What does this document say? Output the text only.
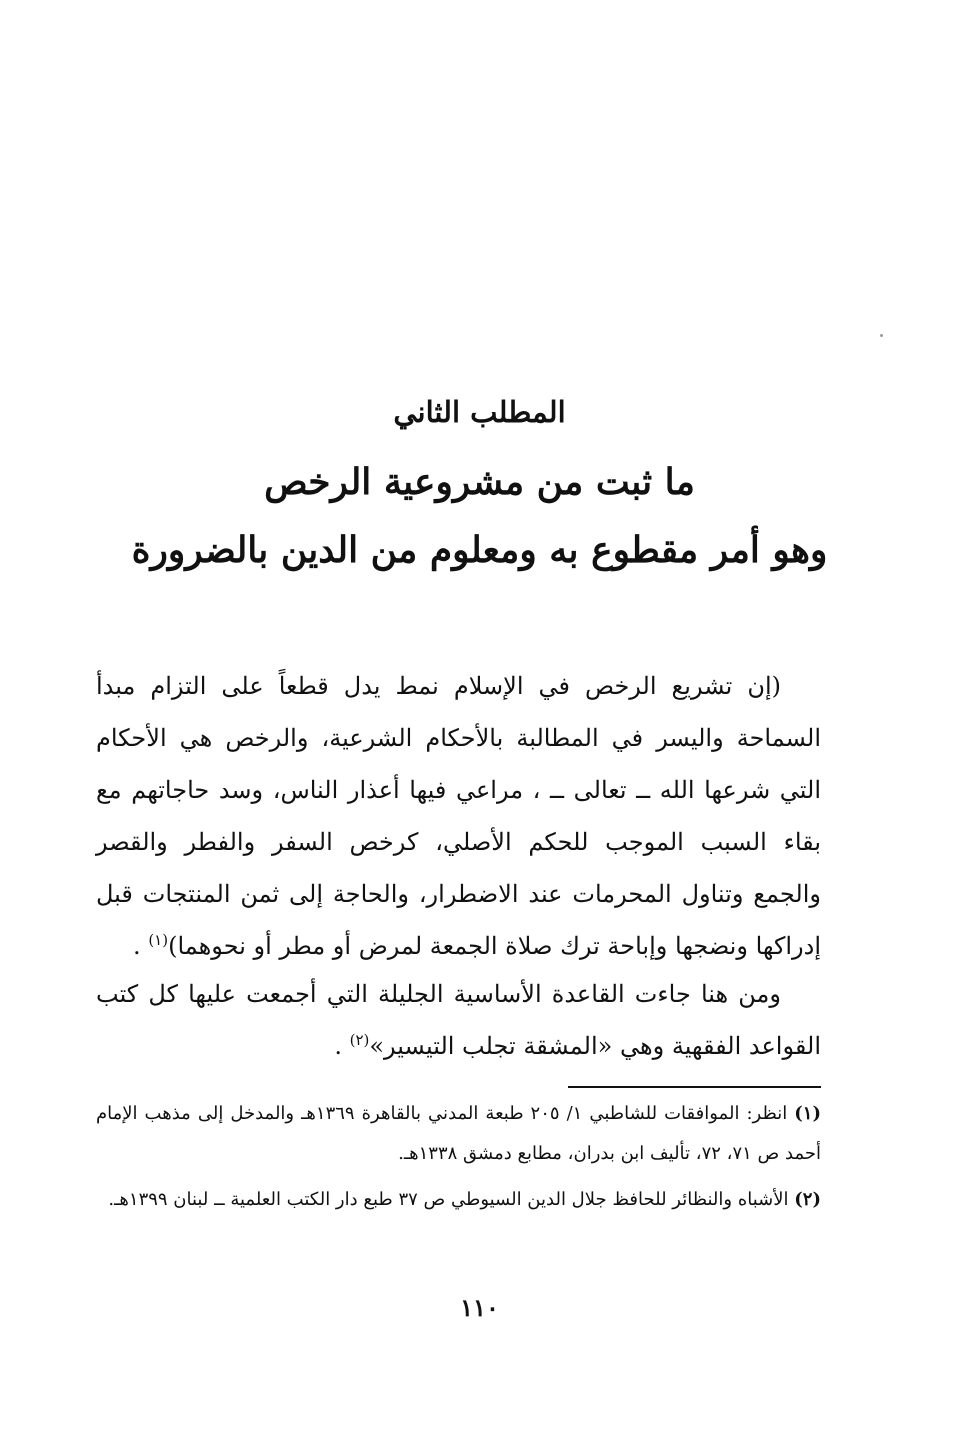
المطلب الثاني
ما ثبت من مشروعية الرخص
وهو أمر مقطوع به ومعلوم من الدين بالضرورة

(إن تشريع الرخص في الإسلام نمط يدل قطعاً على التزام مبدأ السماحة واليسر في المطالبة بالأحكام الشرعية، والرخص هي الأحكام التي شرعها الله ــ تعالى ــ ، مراعي فيها أعذار الناس، وسد حاجاتهم مع بقاء السبب الموجب للحكم الأصلي، كرخص السفر والفطر والقصر والجمع وتناول المحرمات عند الاضطرار، والحاجة إلى ثمن المنتجات قبل إدراكها ونضجها وإباحة ترك صلاة الجمعة لمرض أو مطر أو نحوهما)$^{(١)}$ .

ومن هنا جاءت القاعدة الأساسية الجليلة التي أجمعت عليها كل كتب القواعد الفقهية وهي «المشقة تجلب التيسير»$^{(٢)}$ .

(١) انظر: الموافقات للشاطبي ١/ ٢٠٥ طبعة المدني بالقاهرة ١٣٦٩هـ والمدخل إلى مذهب الإمام أحمد ص ٧١، ٧٢، تأليف ابن بدران، مطابع دمشق ١٣٣٨هـ.

(٢) الأشباه والنظائر للحافظ جلال الدين السيوطي ص ٣٧ طبع دار الكتب العلمية ــ لبنان ١٣٩٩هـ.

١١٠
